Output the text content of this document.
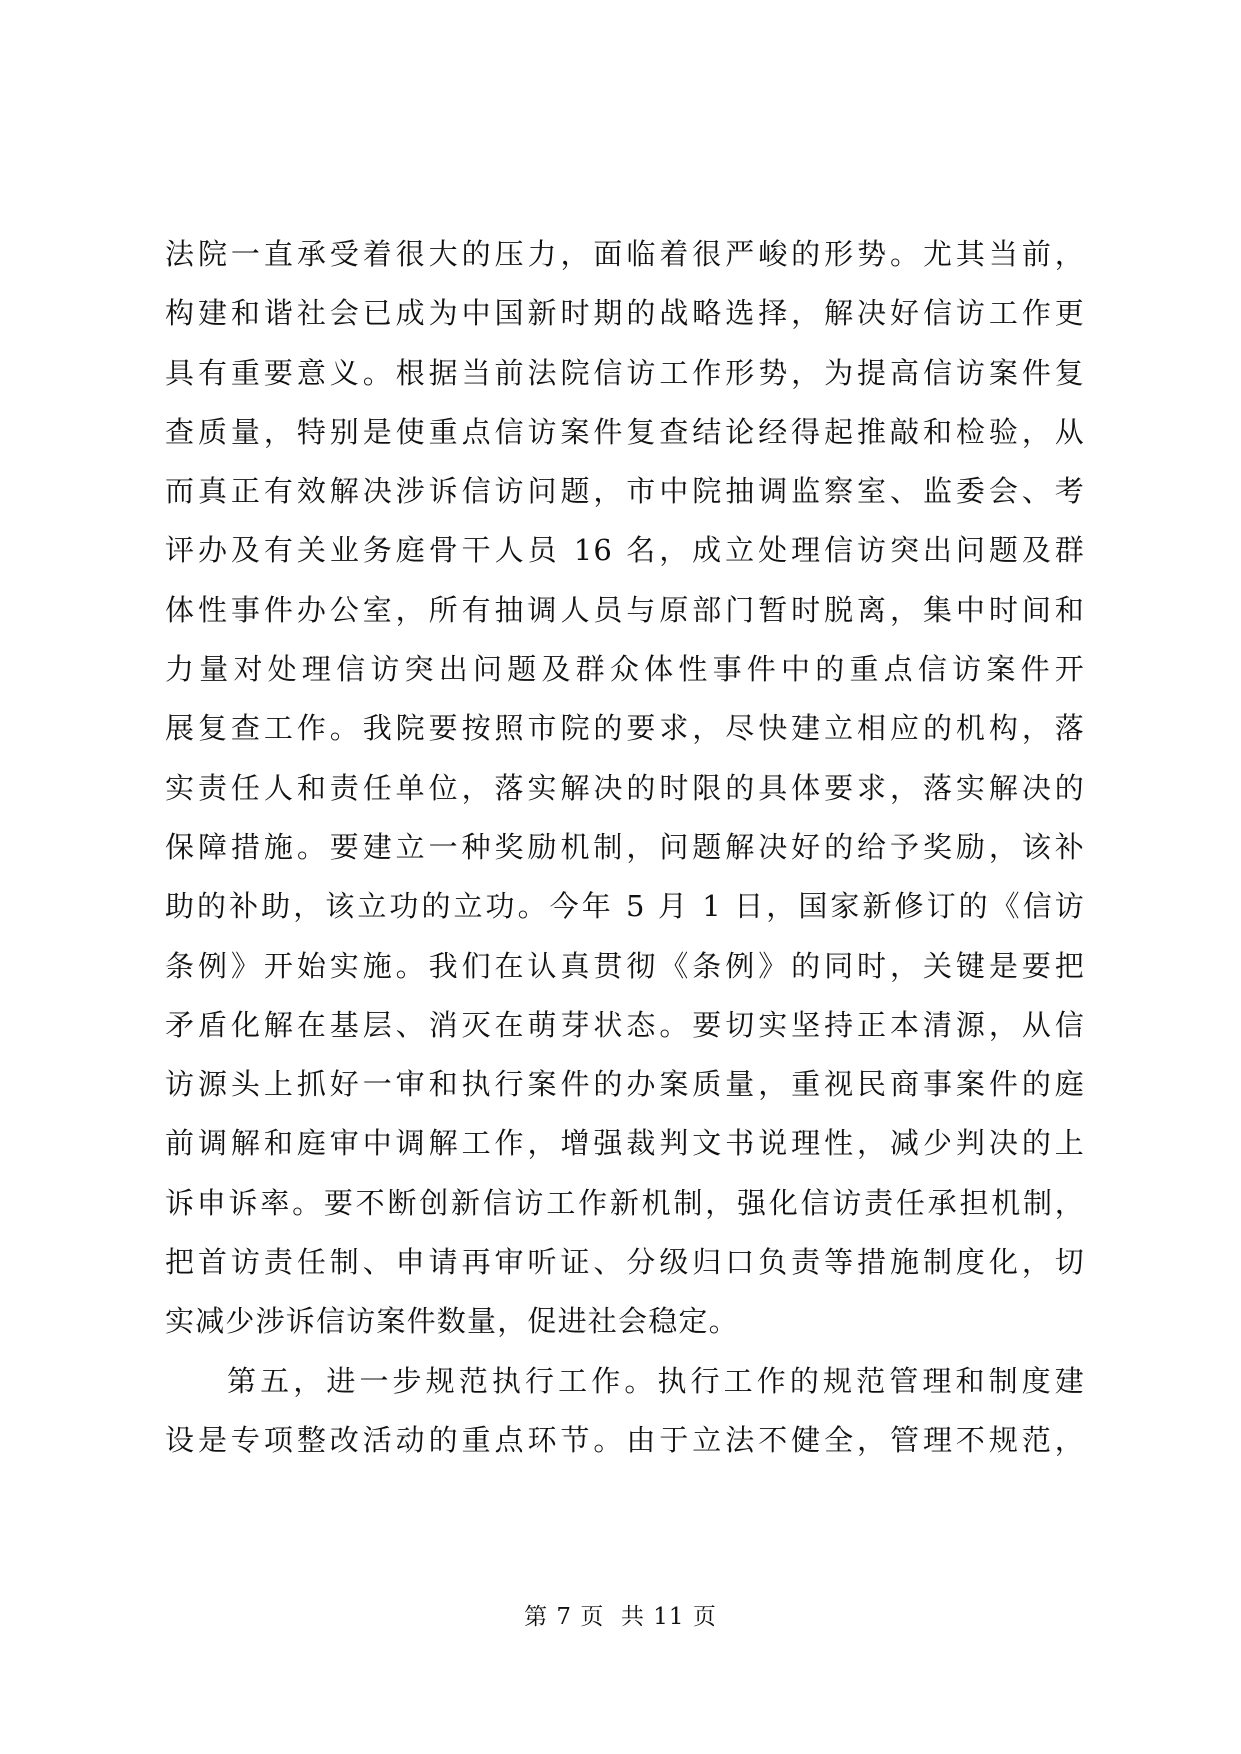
法院一直承受着很大的压力，面临着很严峻的形势。尤其当前，
构建和谐社会已成为中国新时期的战略选择，解决好信访工作更
具有重要意义。根据当前法院信访工作形势，为提高信访案件复
查质量，特别是使重点信访案件复查结论经得起推敲和检验，从
而真正有效解决涉诉信访问题，市中院抽调监察室、监委会、考
评办及有关业务庭骨干人员 16 名，成立处理信访突出问题及群
体性事件办公室，所有抽调人员与原部门暂时脱离，集中时间和
力量对处理信访突出问题及群众体性事件中的重点信访案件开
展复查工作。我院要按照市院的要求，尽快建立相应的机构，落
实责任人和责任单位，落实解决的时限的具体要求，落实解决的
保障措施。要建立一种奖励机制，问题解决好的给予奖励，该补
助的补助，该立功的立功。今年 5 月 1 日，国家新修订的《信访
条例》开始实施。我们在认真贯彻《条例》的同时，关键是要把
矛盾化解在基层、消灭在萌芽状态。要切实坚持正本清源，从信
访源头上抓好一审和执行案件的办案质量，重视民商事案件的庭
前调解和庭审中调解工作，增强裁判文书说理性，减少判决的上
诉申诉率。要不断创新信访工作新机制，强化信访责任承担机制，
把首访责任制、申请再审听证、分级归口负责等措施制度化，切
实减少涉诉信访案件数量，促进社会稳定。
第五，进一步规范执行工作。执行工作的规范管理和制度建
设是专项整改活动的重点环节。由于立法不健全，管理不规范，
第 7 页  共 11 页
